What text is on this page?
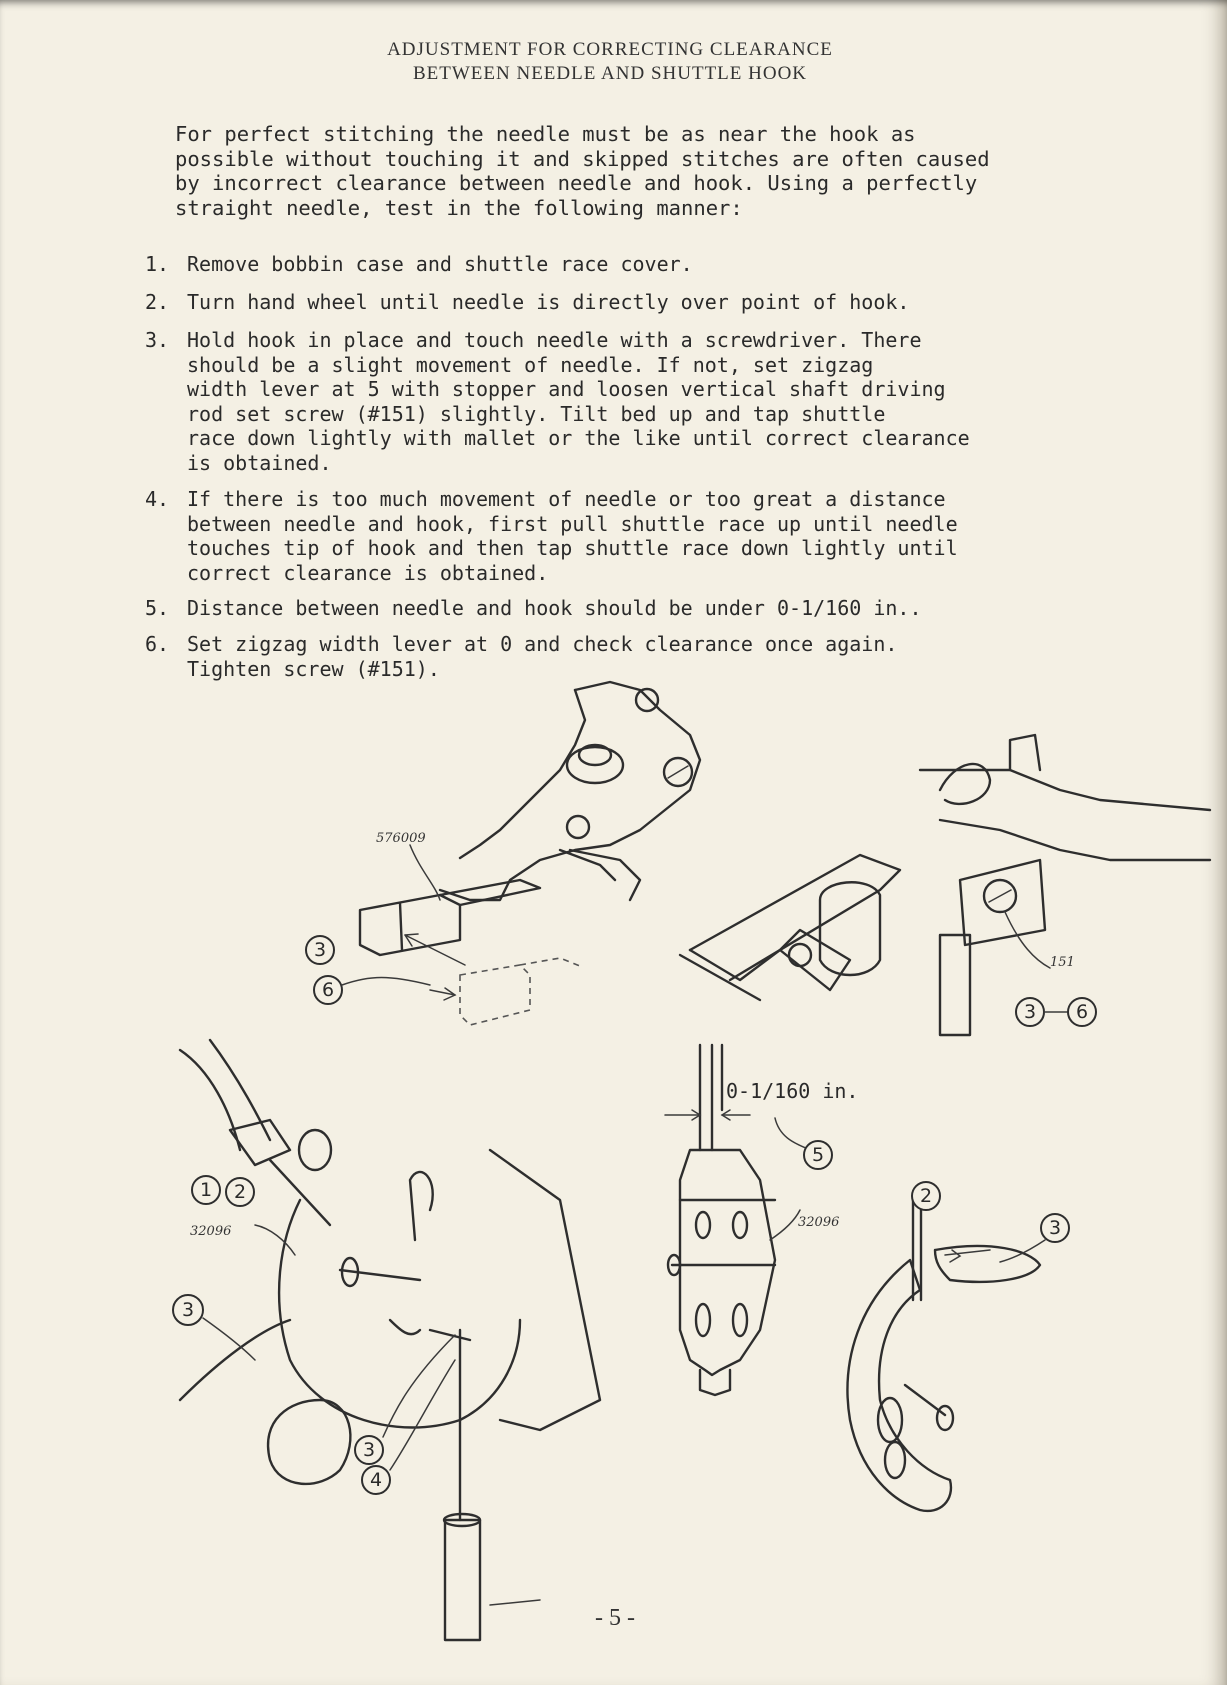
ADJUSTMENT FOR CORRECTING CLEARANCE
BETWEEN NEEDLE AND SHUTTLE HOOK
For perfect stitching the needle must be as near the hook as
possible without touching it and skipped stitches are often caused
by incorrect clearance between needle and hook. Using a perfectly
straight needle, test in the following manner:
1. Remove bobbin case and shuttle race cover.
2. Turn hand wheel until needle is directly over point of hook.
3. Hold hook in place and touch needle with a screwdriver. There
should be a slight movement of needle. If not, set zigzag
width lever at 5 with stopper and loosen vertical shaft driving
rod set screw (#151) slightly. Tilt bed up and tap shuttle
race down lightly with mallet or the like until correct clearance
is obtained.
4. If there is too much movement of needle or too great a distance
between needle and hook, first pull shuttle race up until needle
touches tip of hook and then tap shuttle race down lightly until
correct clearance is obtained.
5. Distance between needle and hook should be under 0-1/160 in..
6. Set zigzag width lever at 0 and check clearance once again.
Tighten screw (#151).
576009
3
6
151
3 6
32096
1 2
3
3
4
0-1/160 in.
5
32096
2
3
- 5 -
